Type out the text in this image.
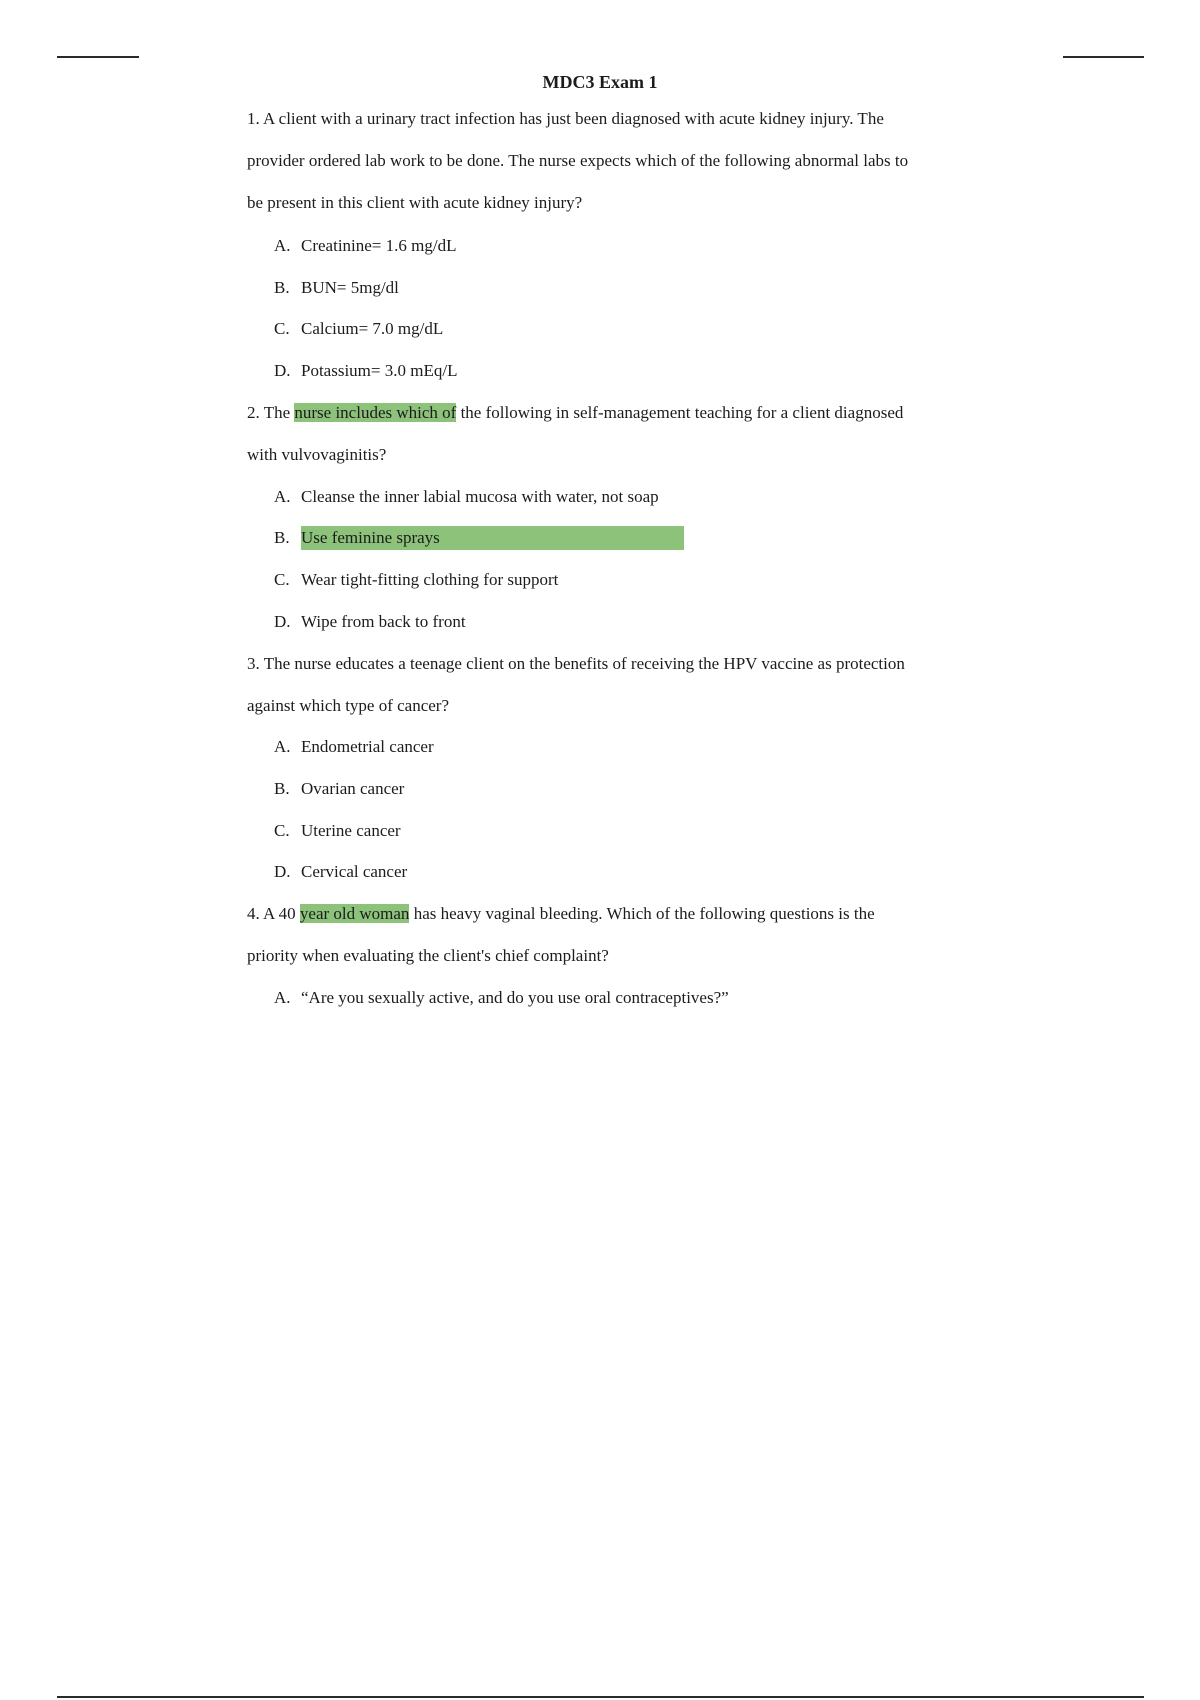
MDC3 Exam 1
1. A client with a urinary tract infection has just been diagnosed with acute kidney injury. The
provider ordered lab work to be done. The nurse expects which of the following abnormal labs to
be present in this client with acute kidney injury?
A. Creatinine= 1.6 mg/dL
B. BUN= 5mg/dl
C. Calcium= 7.0 mg/dL
D. Potassium= 3.0 mEq/L
2. The nurse includes which of the following in self-management teaching for a client diagnosed
with vulvovaginitis?
A. Cleanse the inner labial mucosa with water, not soap
B. Use feminine sprays
C. Wear tight-fitting clothing for support
D. Wipe from back to front
3. The nurse educates a teenage client on the benefits of receiving the HPV vaccine as protection
against which type of cancer?
A. Endometrial cancer
B. Ovarian cancer
C. Uterine cancer
D. Cervical cancer
4. A 40 year old woman has heavy vaginal bleeding. Which of the following questions is the
priority when evaluating the client's chief complaint?
A. “Are you sexually active, and do you use oral contraceptives?”
